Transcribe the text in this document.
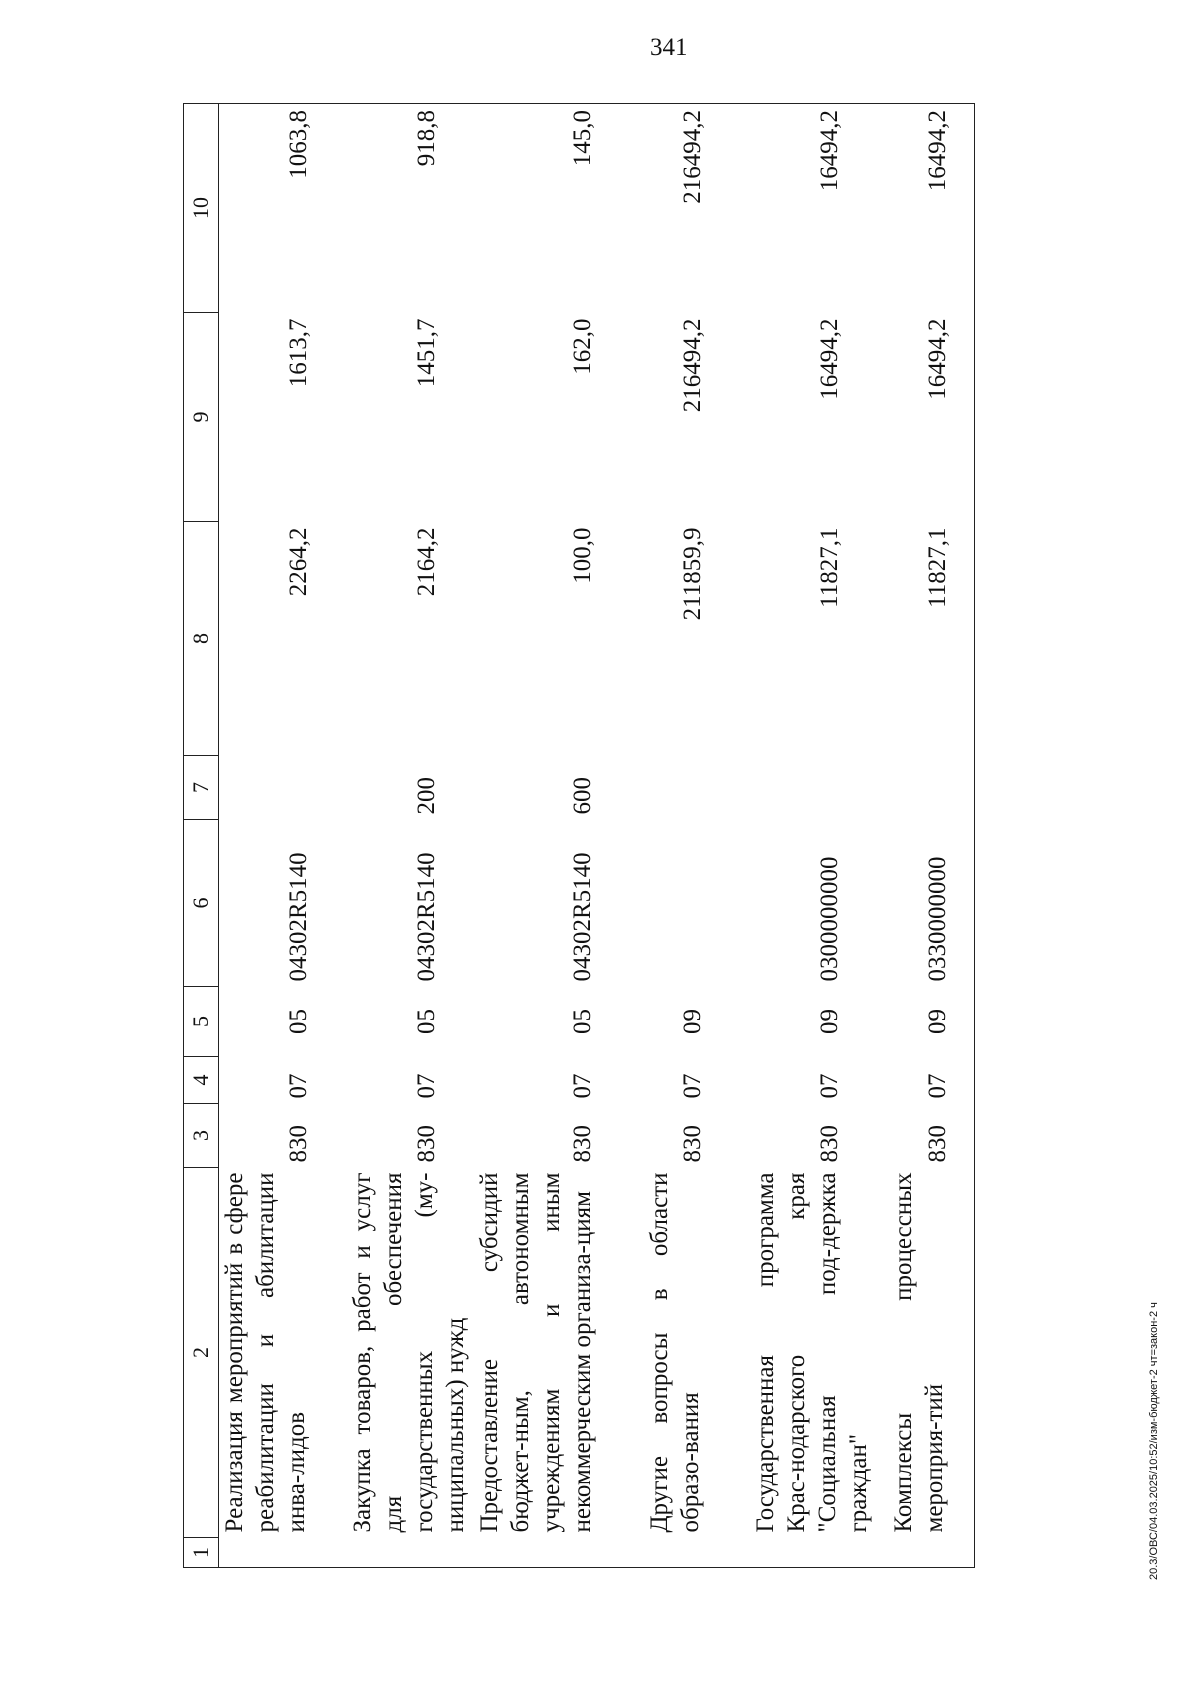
341
1	2	3	4	5	6	7	8	9	10
	Реализация мероприятий в сфере реабилитации и абилитации инва-лидов	830	07	05	04302R5140		2264,2	1613,7	1063,8
	Закупка товаров, работ и услуг для обеспечения государственных (му-ниципальных) нужд	830	07	05	04302R5140	200	2164,2	1451,7	918,8
	Предоставление субсидий бюджет-ным, автономным учреждениям и иным некоммерческим организа-циям	830	07	05	04302R5140	600	100,0	162,0	145,0
	Другие вопросы в области образо-вания	830	07	09			211859,9	216494,2	216494,2
	Государственная программа Крас-нодарского края "Социальная под-держка граждан"	830	07	09	0300000000		11827,1	16494,2	16494,2
	Комплексы процессных мероприя-тий	830	07	09	0330000000		11827,1	16494,2	16494,2
20.3/ОВС/04.03.2025/10:52/изм-бюджет-2 чт=закон-2 ч
